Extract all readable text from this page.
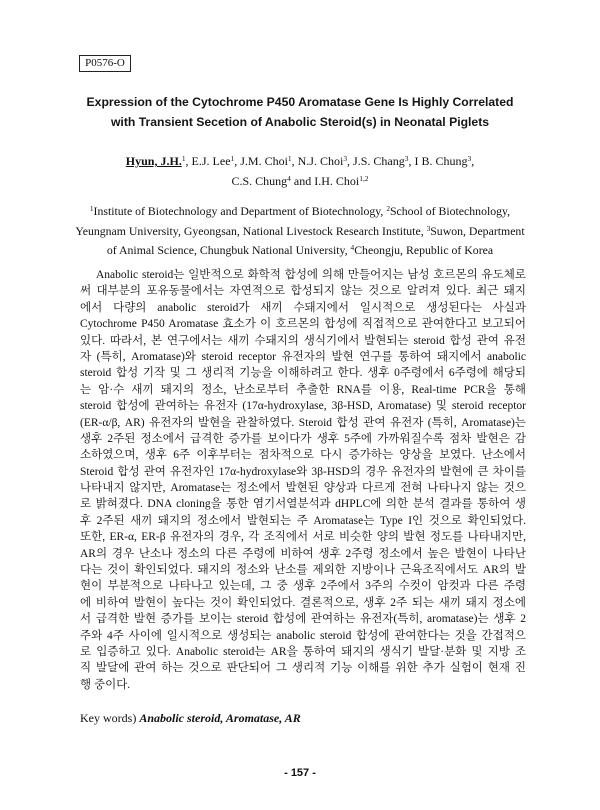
P0576-O
Expression of the Cytochrome P450 Aromatase Gene Is Highly Correlated
with Transient Secetion of Anabolic Steroid(s) in Neonatal Piglets
Hyun, J.H.$^1$, E.J. Lee$^1$, J.M. Choi$^1$, N.J. Choi$^3$, J.S. Chang$^3$, I B. Chung$^3$,
C.S. Chung$^4$ and I.H. Choi$^{1,2}$
$^1$Institute of Biotechnology and Department of Biotechnology, $^2$School of Biotechnology,
Yeungnam University, Gyeongsan, National Livestock Research Institute, $^3$Suwon, Department
of Animal Science, Chungbuk National University, $^4$Cheongju, Republic of Korea
Anabolic steroid는 일반적으로 화학적 합성에 의해 만들어지는 남성 호르몬의 유도체로
써 대부분의 포유동물에서는 자연적으로 합성되지 않는 것으로 알려져 있다. 최근 돼지
에서 다량의 anabolic steroid가 새끼 수돼지에서 일시적으로 생성된다는 사실과
Cytochrome P450 Aromatase 효소가 이 호르몬의 합성에 직접적으로 관여한다고 보고되어
있다. 따라서, 본 연구에서는 새끼 수돼지의 생식기에서 발현되는 steroid 합성 관여 유전
자 (특히, Aromatase)와 steroid receptor 유전자의 발현 연구를 통하여 돼지에서 anabolic
steroid 합성 기작 및 그 생리적 기능을 이해하려고 한다. 생후 0주령에서 6주령에 해당되
는 암·수 새끼 돼지의 정소, 난소로부터 추출한 RNA를 이용, Real-time PCR을 통해
steroid 합성에 관여하는 유전자 (17α-hydroxylase, 3β-HSD, Aromatase) 및 steroid receptor
(ER-α/β, AR) 유전자의 발현을 관찰하였다. Steroid 합성 관여 유전자 (특히, Aromatase)는
생후 2주된 정소에서 급격한 증가를 보이다가 생후 5주에 가까워질수록 점차 발현은 감
소하였으며, 생후 6주 이후부터는 점차적으로 다시 증가하는 양상을 보였다. 난소에서
Steroid 합성 관여 유전자인 17α-hydroxylase와 3β-HSD의 경우 유전자의 발현에 큰 차이를
나타내지 않지만, Aromatase는 정소에서 발현된 양상과 다르게 전혀 나타나지 않는 것으
로 밝혀졌다. DNA cloning을 통한 염기서열분석과 dHPLC에 의한 분석 결과를 통하여 생
후 2주된 새끼 돼지의 정소에서 발현되는 주 Aromatase는 Type I인 것으로 확인되었다.
또한, ER-α, ER-β 유전자의 경우, 각 조직에서 서로 비슷한 양의 발현 정도를 나타내지만,
AR의 경우 난소나 정소의 다른 주령에 비하여 생후 2주령 정소에서 높은 발현이 나타난
다는 것이 확인되었다. 돼지의 정소와 난소를 제외한 지방이나 근육조직에서도 AR의 발
현이 부분적으로 나타나고 있는데, 그 중 생후 2주에서 3주의 수컷이 암컷과 다른 주령
에 비하여 발현이 높다는 것이 확인되었다. 결론적으로, 생후 2주 되는 새끼 돼지 정소에
서 급격한 발현 증가를 보이는 steroid 합성에 관여하는 유전자(특히, aromatase)는 생후 2
주와 4주 사이에 일시적으로 생성되는 anabolic steroid 합성에 관여한다는 것을 간접적으
로 입증하고 있다. Anabolic steroid는 AR을 통하여 돼지의 생식기 발달·분화 및 지방 조
직 발달에 관여 하는 것으로 판단되어 그 생리적 기능 이해를 위한 추가 실험이 현재 진
행 중이다.
Key words) Anabolic steroid, Aromatase, AR
- 157 -
